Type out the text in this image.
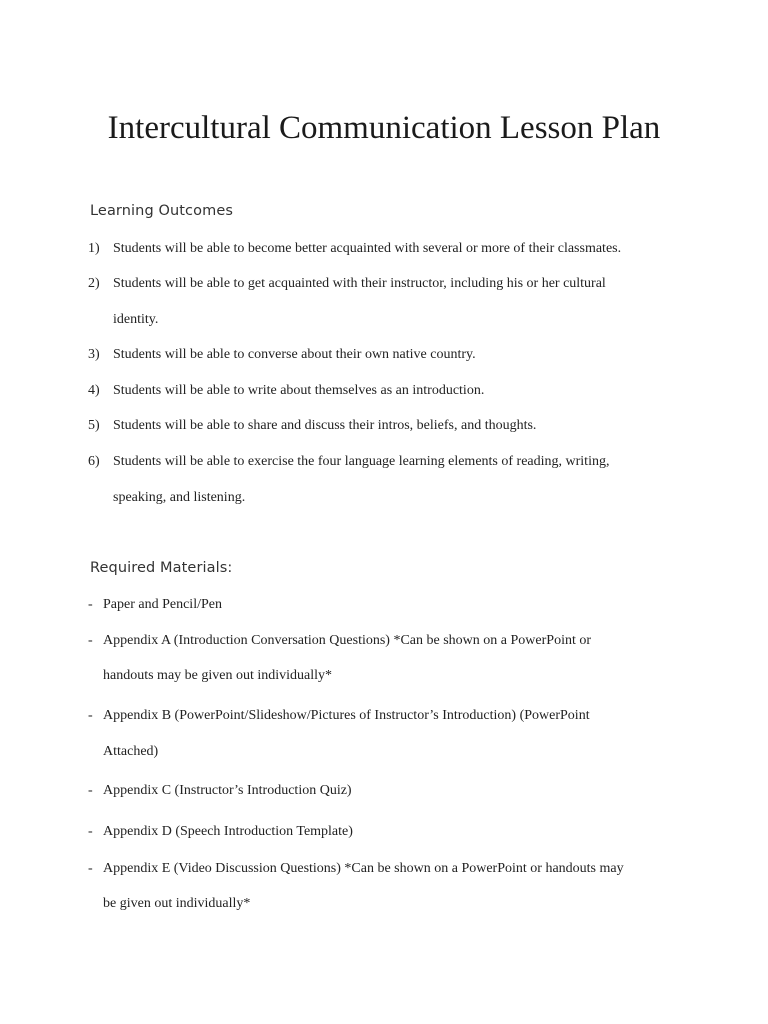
Intercultural Communication Lesson Plan
Learning Outcomes
1) Students will be able to become better acquainted with several or more of their classmates.
2) Students will be able to get acquainted with their instructor, including his or her cultural
identity.
3) Students will be able to converse about their own native country.
4) Students will be able to write about themselves as an introduction.
5) Students will be able to share and discuss their intros, beliefs, and thoughts.
6) Students will be able to exercise the four language learning elements of reading, writing,
speaking, and listening.
Required Materials:
- Paper and Pencil/Pen
- Appendix A (Introduction Conversation Questions) *Can be shown on a PowerPoint or
handouts may be given out individually*
- Appendix B (PowerPoint/Slideshow/Pictures of Instructor’s Introduction) (PowerPoint
Attached)
- Appendix C (Instructor’s Introduction Quiz)
- Appendix D (Speech Introduction Template)
- Appendix E (Video Discussion Questions) *Can be shown on a PowerPoint or handouts may
be given out individually*
